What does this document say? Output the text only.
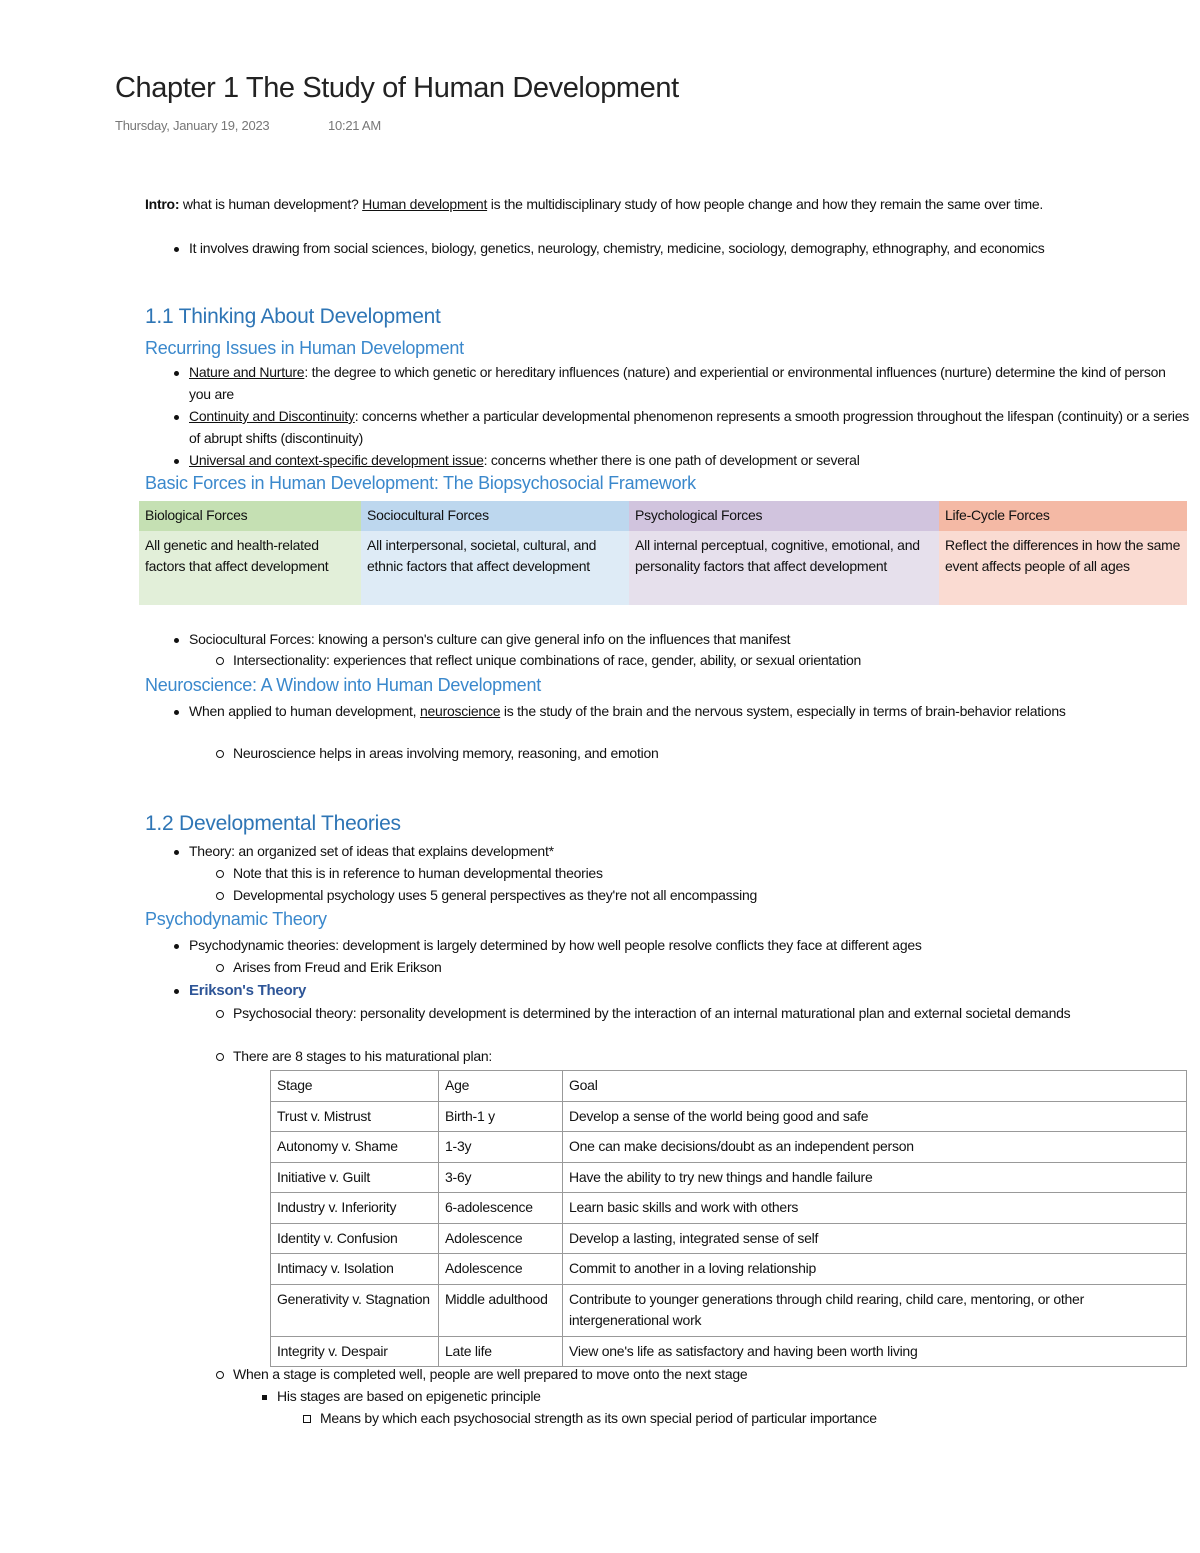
Chapter 1 The Study of Human Development
Thursday, January 19, 2023	10:21 AM
Intro: what is human development? Human development is the multidisciplinary study of how people change and how they remain the same over time.
It involves drawing from social sciences, biology, genetics, neurology, chemistry, medicine, sociology, demography, ethnography, and economics
1.1 Thinking About Development
Recurring Issues in Human Development
Nature and Nurture: the degree to which genetic or hereditary influences (nature) and experiential or environmental influences (nurture) determine the kind of person you are
Continuity and Discontinuity: concerns whether a particular developmental phenomenon represents a smooth progression throughout the lifespan (continuity) or a series of abrupt shifts (discontinuity)
Universal and context-specific development issue: concerns whether there is one path of development or several
Basic Forces in Human Development: The Biopsychosocial Framework
Biological Forces	Sociocultural Forces	Psychological Forces	Life-Cycle Forces
All genetic and health-related factors that affect development	All interpersonal, societal, cultural, and ethnic factors that affect development	All internal perceptual, cognitive, emotional, and personality factors that affect development	Reflect the differences in how the same event affects people of all ages
Sociocultural Forces: knowing a person's culture can give general info on the influences that manifest
Intersectionality: experiences that reflect unique combinations of race, gender, ability, or sexual orientation
Neuroscience: A Window into Human Development
When applied to human development, neuroscience is the study of the brain and the nervous system, especially in terms of brain-behavior relations
Neuroscience helps in areas involving memory, reasoning, and emotion
1.2 Developmental Theories
Theory: an organized set of ideas that explains development*
Note that this is in reference to human developmental theories
Developmental psychology uses 5 general perspectives as they're not all encompassing
Psychodynamic Theory
Psychodynamic theories: development is largely determined by how well people resolve conflicts they face at different ages
Arises from Freud and Erik Erikson
Erikson's Theory
Psychosocial theory: personality development is determined by the interaction of an internal maturational plan and external societal demands
There are 8 stages to his maturational plan:
Stage	Age	Goal
Trust v. Mistrust	Birth-1 y	Develop a sense of the world being good and safe
Autonomy v. Shame	1-3y	One can make decisions/doubt as an independent person
Initiative v. Guilt	3-6y	Have the ability to try new things and handle failure
Industry v. Inferiority	6-adolescence	Learn basic skills and work with others
Identity v. Confusion	Adolescence	Develop a lasting, integrated sense of self
Intimacy v. Isolation	Adolescence	Commit to another in a loving relationship
Generativity v. Stagnation	Middle adulthood	Contribute to younger generations through child rearing, child care, mentoring, or other intergenerational work
Integrity v. Despair	Late life	View one's life as satisfactory and having been worth living
When a stage is completed well, people are well prepared to move onto the next stage
His stages are based on epigenetic principle
Means by which each psychosocial strength as its own special period of particular importance
